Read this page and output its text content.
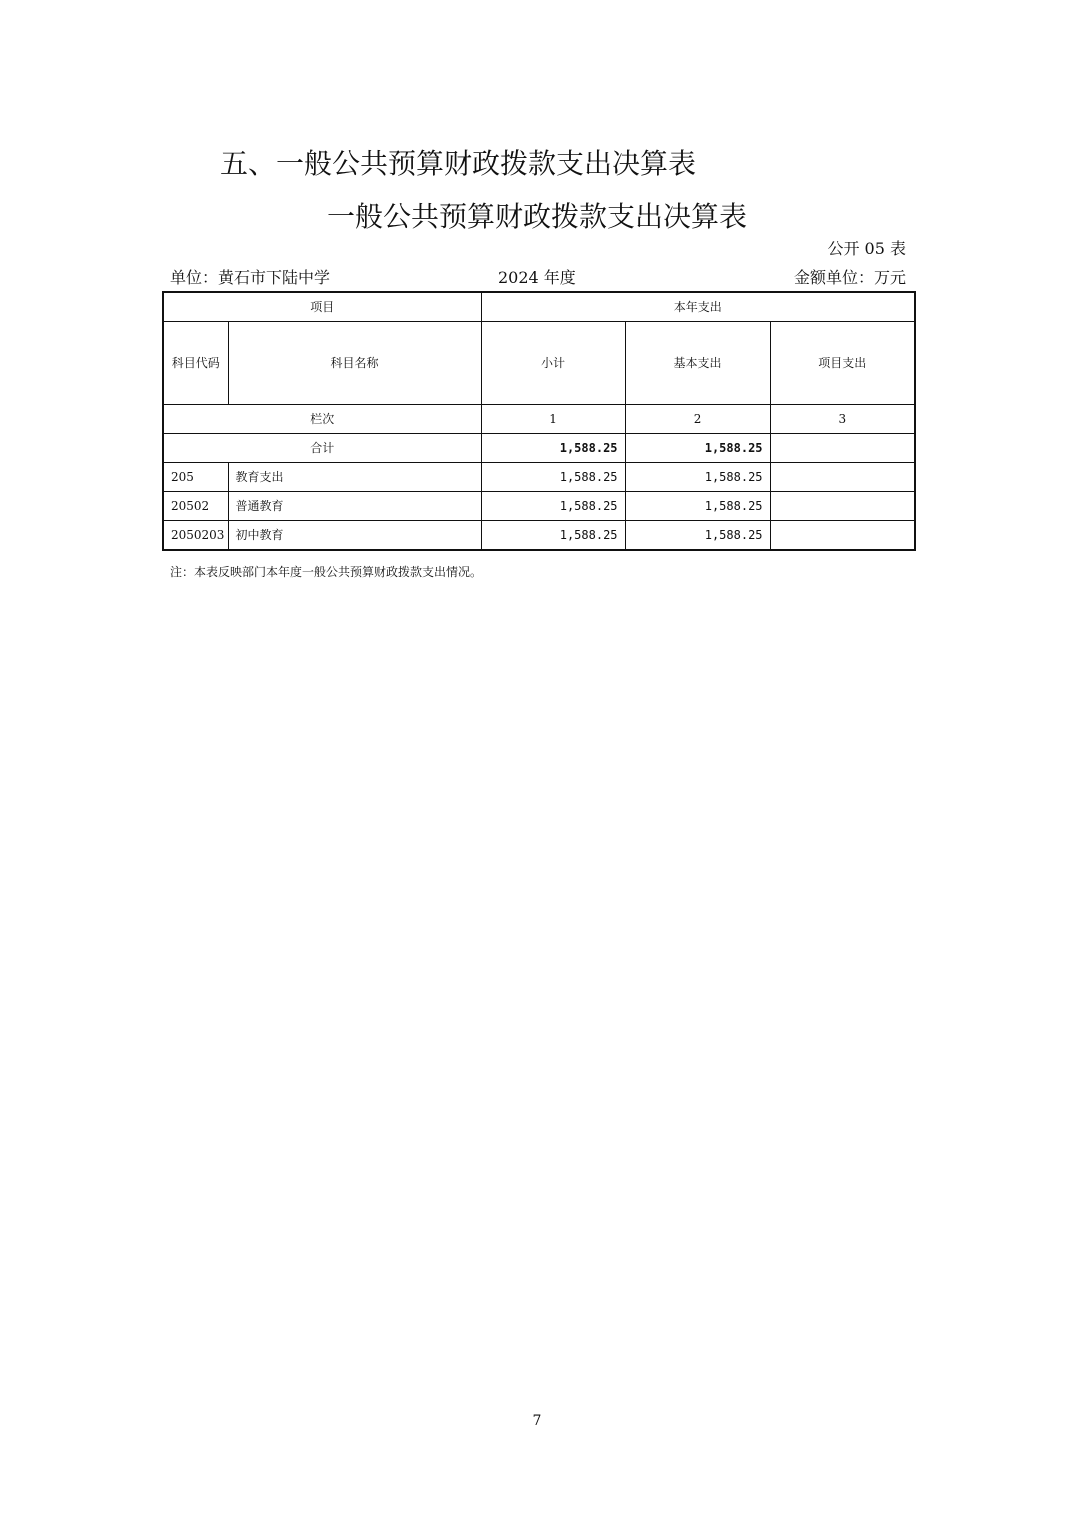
五、一般公共预算财政拨款支出决算表
一般公共预算财政拨款支出决算表
公开 05 表
单位：黄石市下陆中学	2024 年度	金额单位：万元
项目		本年支出		
科目代码	科目名称	小计	基本支出	项目支出
栏次		1	2	3
合计		1,588.25	1,588.25	
205	教育支出	1,588.25	1,588.25	
20502	普通教育	1,588.25	1,588.25	
2050203	初中教育	1,588.25	1,588.25	
注：本表反映部门本年度一般公共预算财政拨款支出情况。
7
